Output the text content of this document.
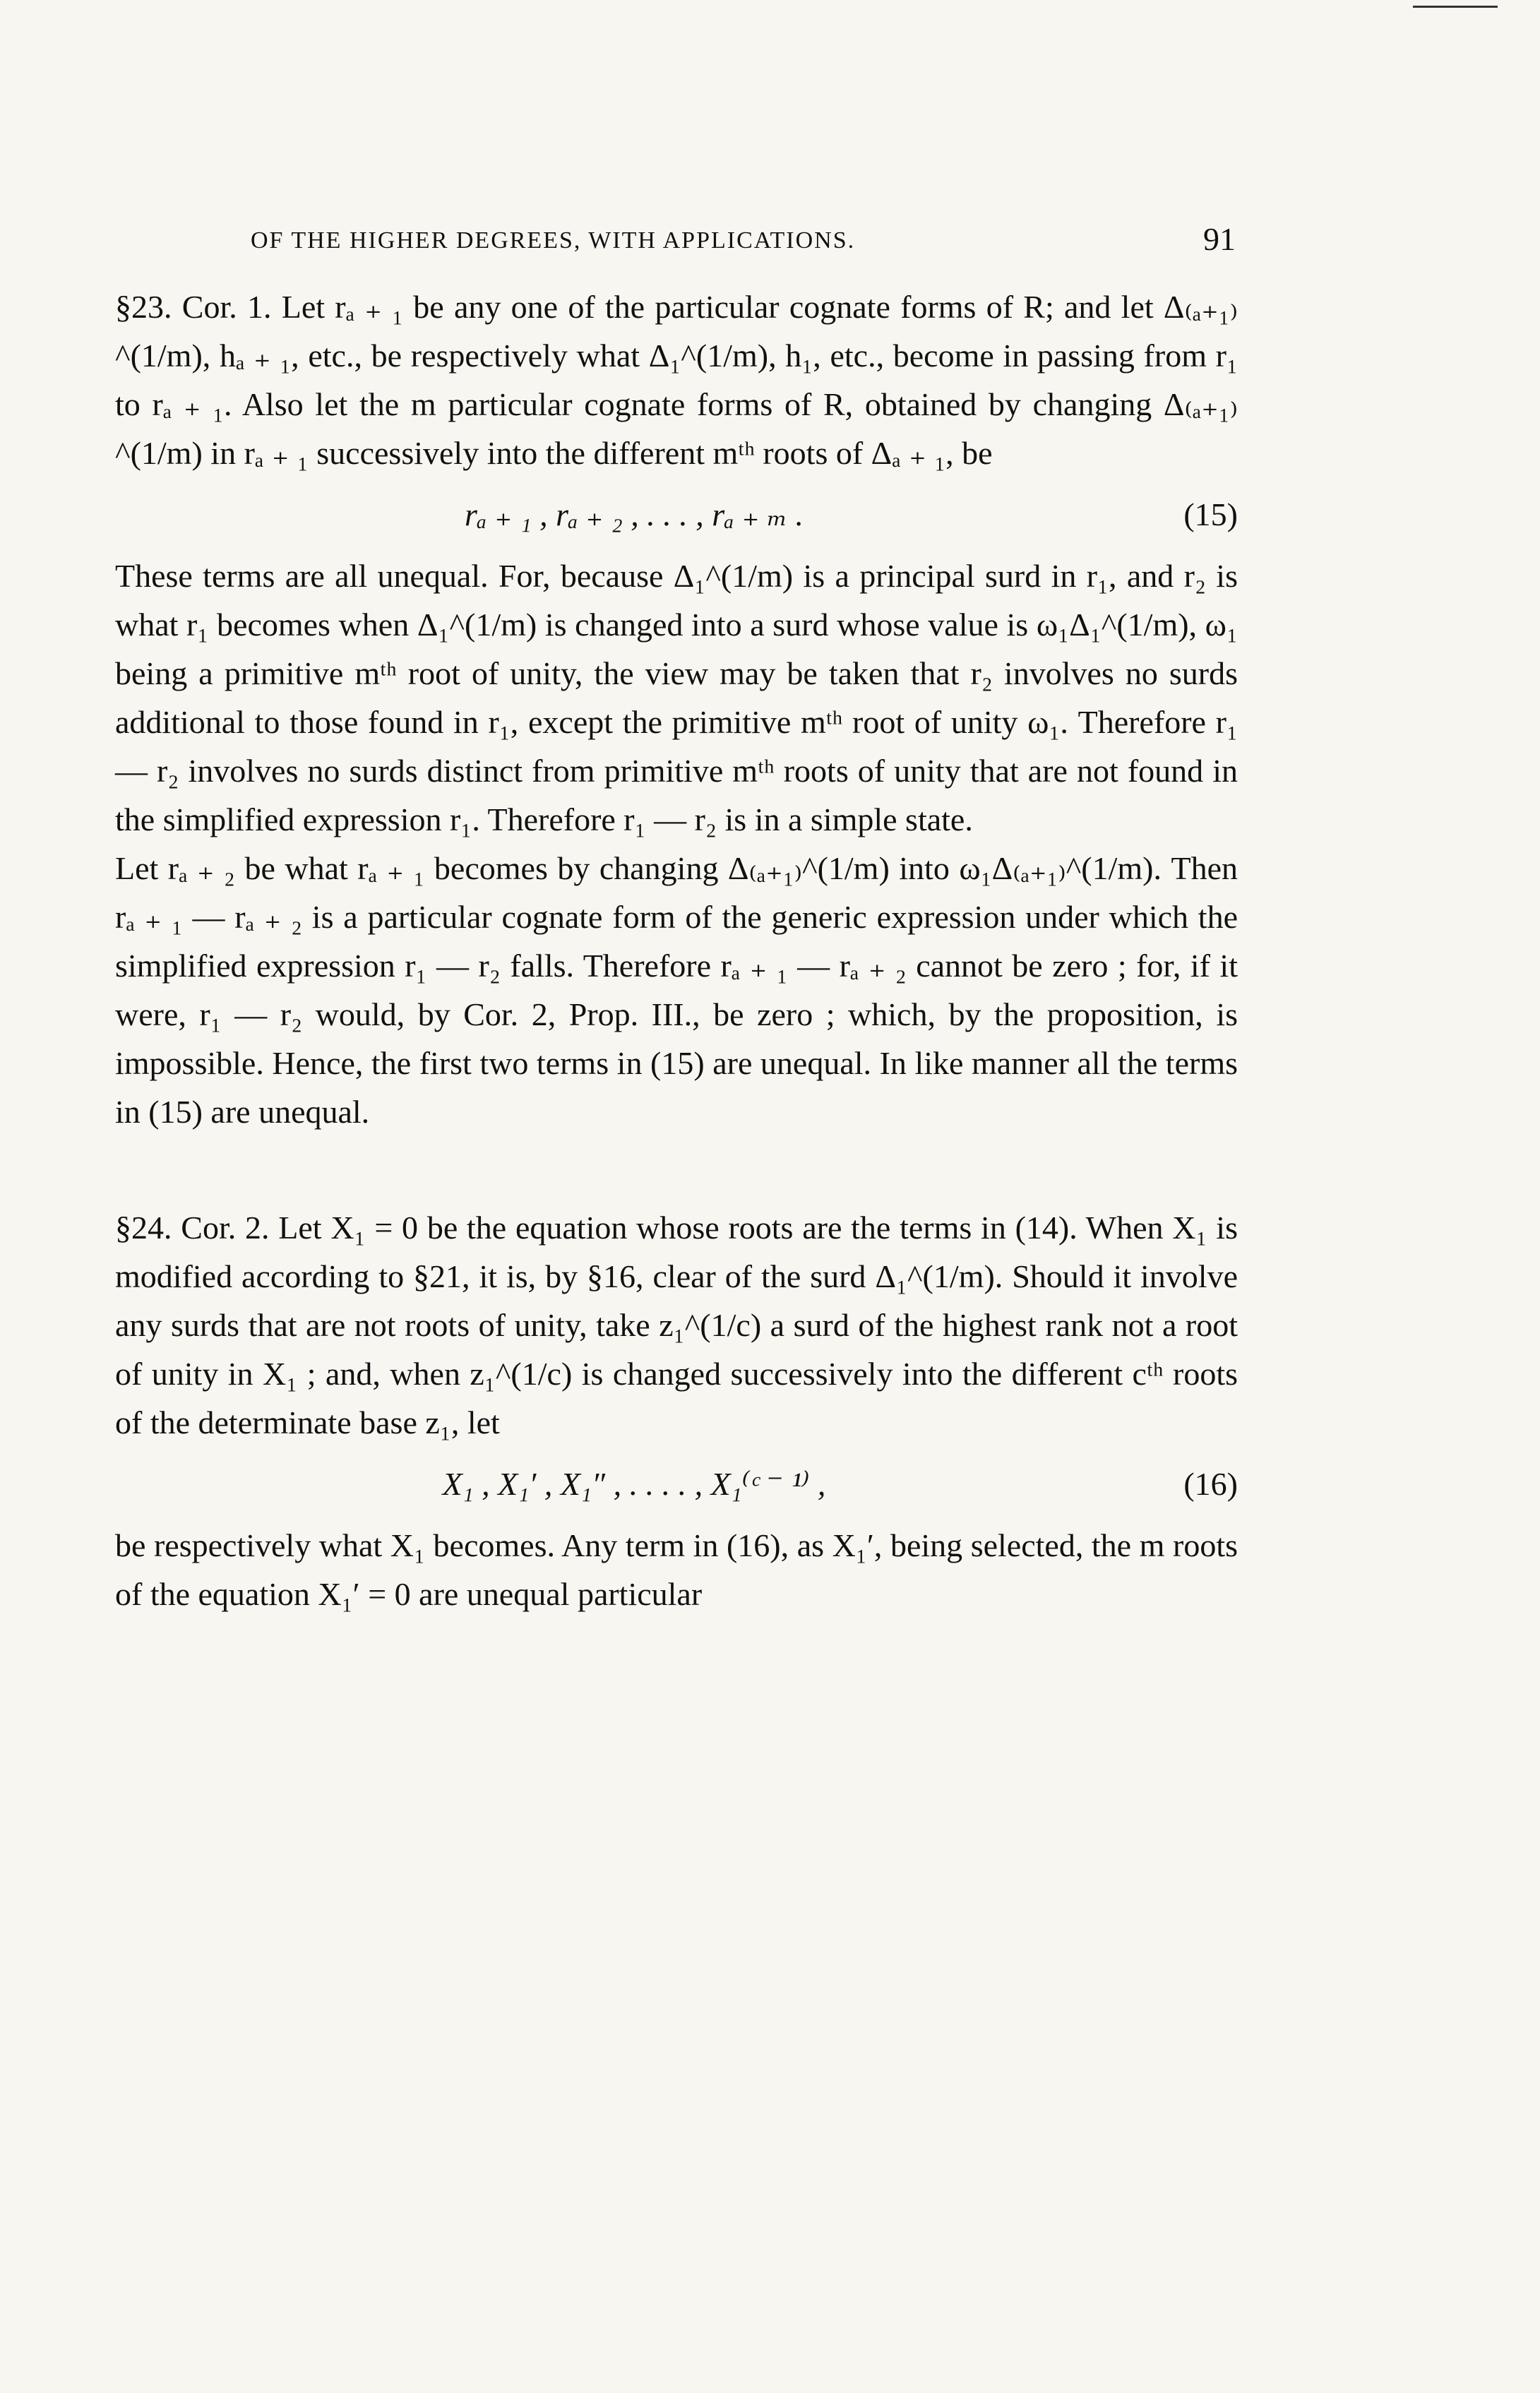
OF THE HIGHER DEGREES, WITH APPLICATIONS.	91

§23. Cor. 1. Let rₐ ₊ ₁ be any one of the particular cognate forms of R; and let Δ₍ₐ₊₁₎^(1/m), hₐ ₊ ₁, etc., be respectively what Δ₁^(1/m), h₁, etc., become in passing from r₁ to rₐ ₊ ₁. Also let the m particular cognate forms of R, obtained by changing Δ₍ₐ₊₁₎^(1/m) in rₐ ₊ ₁ successively into the different mᵗʰ roots of Δₐ ₊ ₁, be

rₐ ₊ ₁ , rₐ ₊ ₂ , . . . , rₐ ₊ ₘ .	(15)

These terms are all unequal. For, because Δ₁^(1/m) is a principal surd in r₁, and r₂ is what r₁ becomes when Δ₁^(1/m) is changed into a surd whose value is ω₁Δ₁^(1/m), ω₁ being a primitive mᵗʰ root of unity, the view may be taken that r₂ involves no surds additional to those found in r₁, except the primitive mᵗʰ root of unity ω₁. Therefore r₁ — r₂ involves no surds distinct from primitive mᵗʰ roots of unity that are not found in the simplified expression r₁. Therefore r₁ — r₂ is in a simple state.

Let rₐ ₊ ₂ be what rₐ ₊ ₁ becomes by changing Δ₍ₐ₊₁₎^(1/m) into ω₁Δ₍ₐ₊₁₎^(1/m). Then rₐ ₊ ₁ — rₐ ₊ ₂ is a particular cognate form of the generic expression under which the simplified expression r₁ — r₂ falls. Therefore rₐ ₊ ₁ — rₐ ₊ ₂ cannot be zero ; for, if it were, r₁ — r₂ would, by Cor. 2, Prop. III., be zero ; which, by the proposition, is impossible. Hence, the first two terms in (15) are unequal. In like manner all the terms in (15) are unequal.

§24. Cor. 2. Let X₁ = 0 be the equation whose roots are the terms in (14). When X₁ is modified according to §21, it is, by §16, clear of the surd Δ₁^(1/m). Should it involve any surds that are not roots of unity, take z₁^(1/c) a surd of the highest rank not a root of unity in X₁ ; and, when z₁^(1/c) is changed successively into the different cᵗʰ roots of the determinate base z₁, let

X₁ , X₁′ , X₁″ , . . . . , X₁⁽ᶜ ⁻ ¹⁾ ,	(16)

be respectively what X₁ becomes. Any term in (16), as X₁′, being selected, the m roots of the equation X₁′ = 0 are unequal particular
